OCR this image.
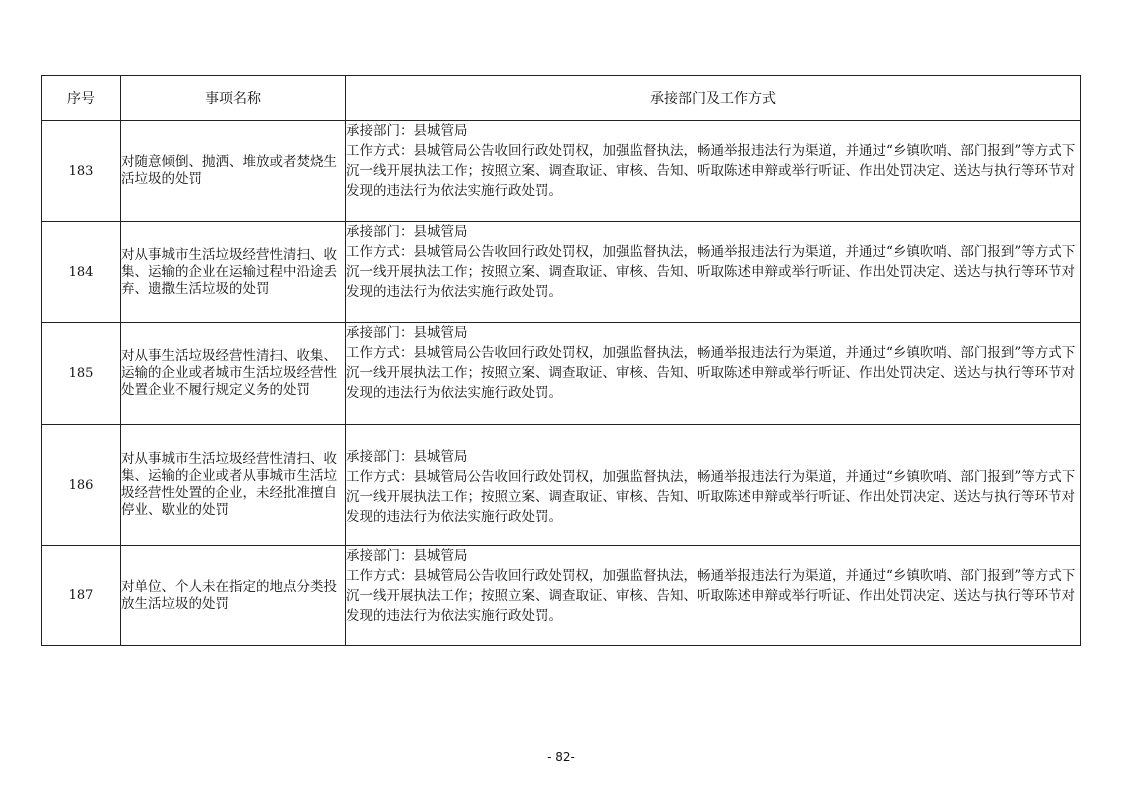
序号	事项名称	承接部门及工作方式
183	对随意倾倒、抛洒、堆放或者焚烧生活垃圾的处罚	承接部门：县城管局
工作方式：县城管局公告收回行政处罚权，加强监督执法，畅通举报违法行为渠道，并通过“乡镇吹哨、部门报到”等方式下沉一线开展执法工作；按照立案、调查取证、审核、告知、听取陈述申辩或举行听证、作出处罚决定、送达与执行等环节对发现的违法行为依法实施行政处罚。

184	对从事城市生活垃圾经营性清扫、收集、运输的企业在运输过程中沿途丢弃、遗撒生活垃圾的处罚	承接部门：县城管局
工作方式：县城管局公告收回行政处罚权，加强监督执法，畅通举报违法行为渠道，并通过“乡镇吹哨、部门报到”等方式下沉一线开展执法工作；按照立案、调查取证、审核、告知、听取陈述申辩或举行听证、作出处罚决定、送达与执行等环节对发现的违法行为依法实施行政处罚。

185	对从事生活垃圾经营性清扫、收集、运输的企业或者城市生活垃圾经营性处置企业不履行规定义务的处罚	承接部门：县城管局
工作方式：县城管局公告收回行政处罚权，加强监督执法，畅通举报违法行为渠道，并通过“乡镇吹哨、部门报到”等方式下沉一线开展执法工作；按照立案、调查取证、审核、告知、听取陈述申辩或举行听证、作出处罚决定、送达与执行等环节对发现的违法行为依法实施行政处罚。

186	对从事城市生活垃圾经营性清扫、收集、运输的企业或者从事城市生活垃圾经营性处置的企业，未经批准擅自停业、歇业的处罚	承接部门：县城管局
工作方式：县城管局公告收回行政处罚权，加强监督执法，畅通举报违法行为渠道，并通过“乡镇吹哨、部门报到”等方式下沉一线开展执法工作；按照立案、调查取证、审核、告知、听取陈述申辩或举行听证、作出处罚决定、送达与执行等环节对发现的违法行为依法实施行政处罚。

187	对单位、个人未在指定的地点分类投放生活垃圾的处罚	承接部门：县城管局
工作方式：县城管局公告收回行政处罚权，加强监督执法，畅通举报违法行为渠道，并通过“乡镇吹哨、部门报到”等方式下沉一线开展执法工作；按照立案、调查取证、审核、告知、听取陈述申辩或举行听证、作出处罚决定、送达与执行等环节对发现的违法行为依法实施行政处罚。
- 82-
